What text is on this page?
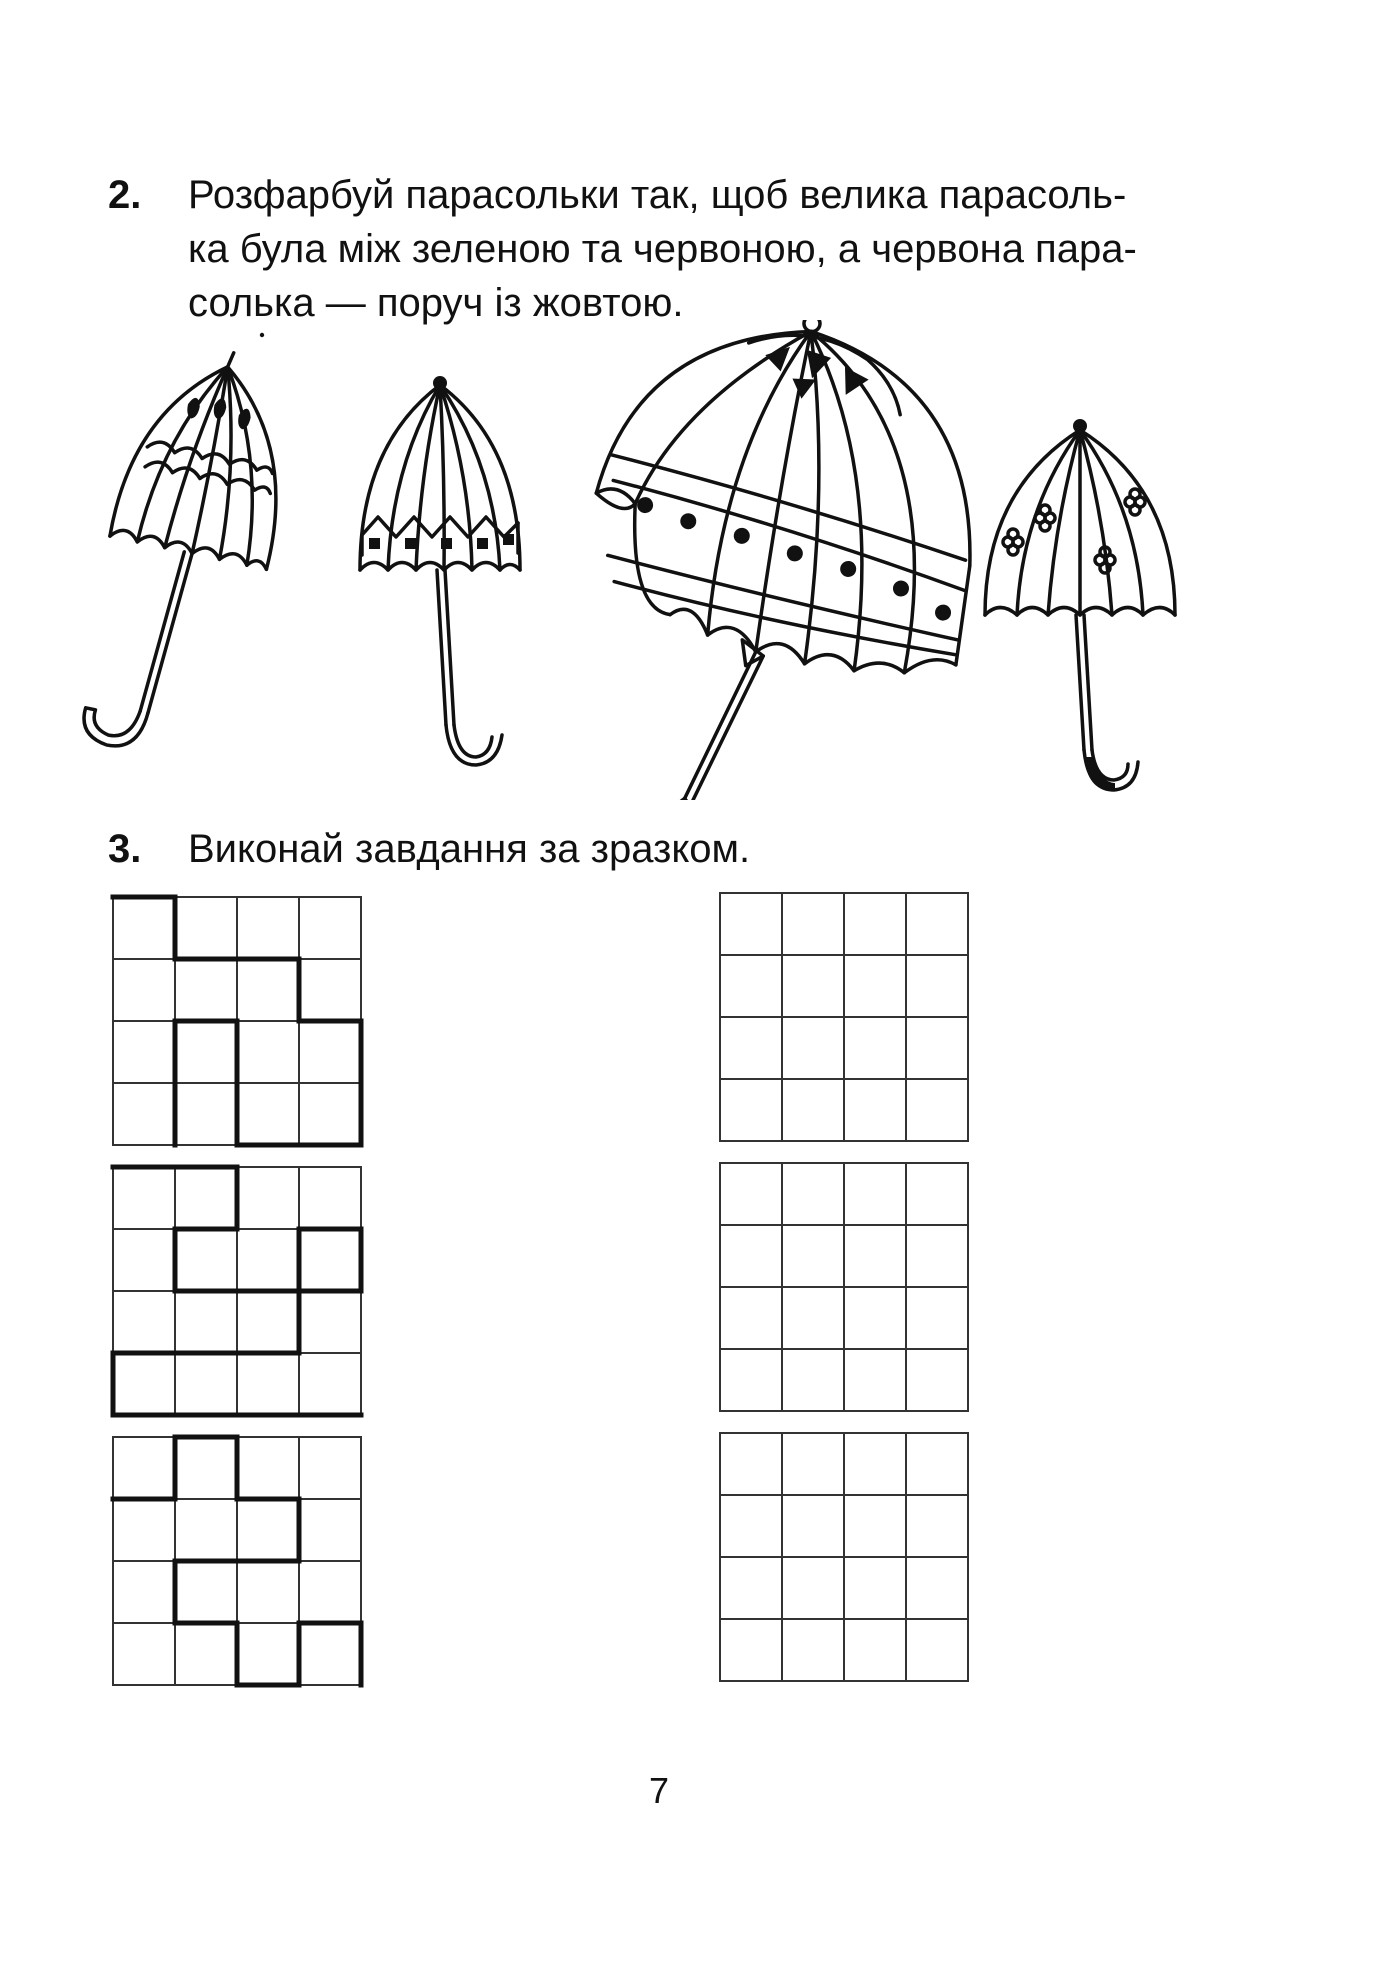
2.	Розфарбуй парасольки так, щоб велика парасоль-
ка була між зеленою та червоною, а червона пара-
солька — поруч із жовтою.
3.	Виконай завдання за зразком.
7
